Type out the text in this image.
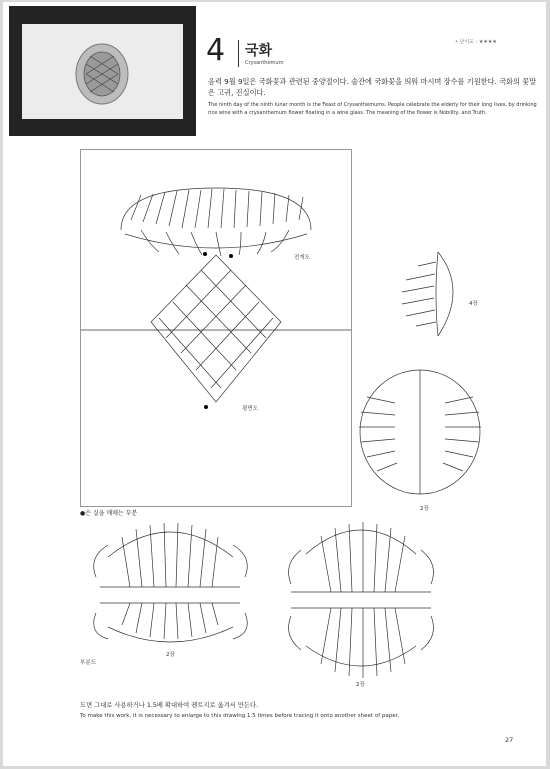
• 난이도 : ★★★★
4 국화
Crysanthemum
음력 9월 9일은 국화꽃과 관련된 중양절이다. 술잔에 국화꽃을 띄워 마시며 장수를 기원한다. 국화의 꽃말은 고귀, 진실이다.
The ninth day of the ninth lunar month is the Feast of Crysanthemums. People celebrate the elderly for their long lives, by drinking rice wine with a crysanthemum flower floating in a wine glass. The meaning of the flower is Nobility, and Truth.
전개도
평면도
4장
2장
●은 실을 매매는 부분
2장
부분도
2장
도면 그대로 사용하거나 1.5배 확대하여 켄트지로 옮겨서 만든다.
To make this work, it is necessary to enlarge to this drawing 1.5 times before tracing it onto another sheet of paper.
27
